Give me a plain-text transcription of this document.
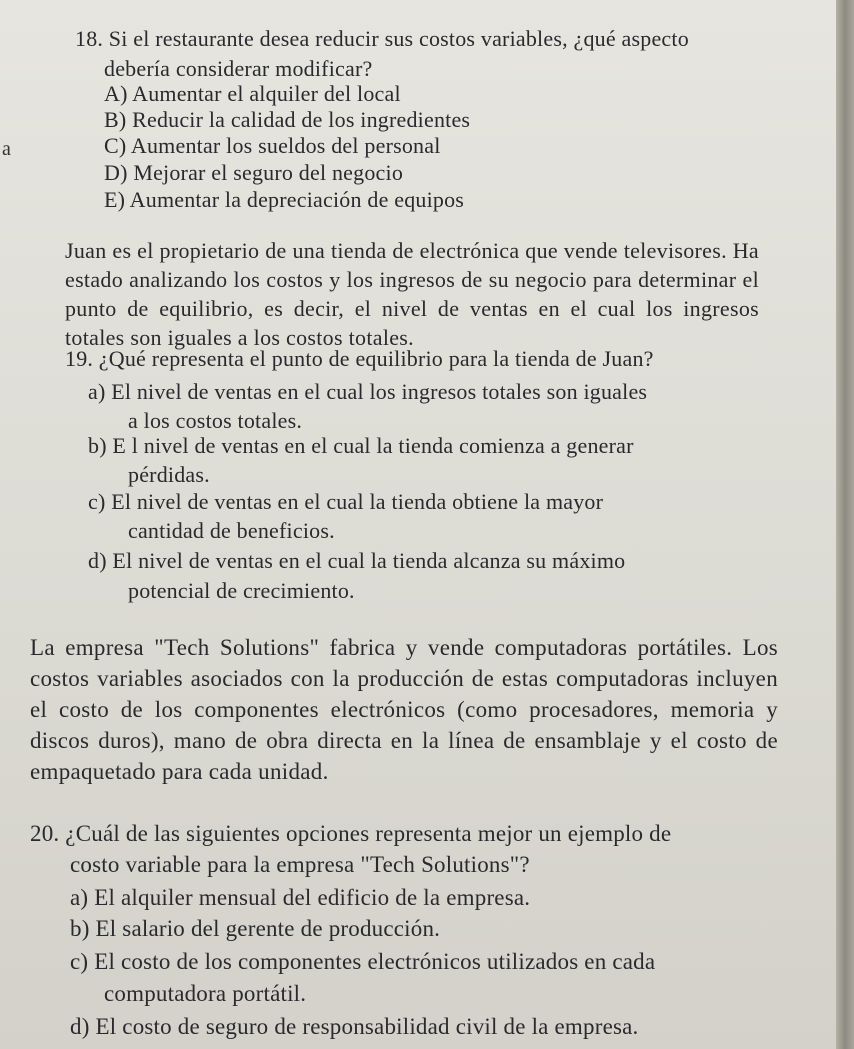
a
18. Si el restaurante desea reducir sus costos variables, ¿qué aspecto
debería considerar modificar?
A) Aumentar el alquiler del local
B) Reducir la calidad de los ingredientes
C) Aumentar los sueldos del personal
D) Mejorar el seguro del negocio
E) Aumentar la depreciación de equipos
Juan es el propietario de una tienda de electrónica que vende televisores. Ha estado analizando los costos y los ingresos de su negocio para determinar el punto de equilibrio, es decir, el nivel de ventas en el cual los ingresos totales son iguales a los costos totales.
19. ¿Qué representa el punto de equilibrio para la tienda de Juan?
a) El nivel de ventas en el cual los ingresos totales son iguales
a los costos totales.
b) E l nivel de ventas en el cual la tienda comienza a generar
pérdidas.
c) El nivel de ventas en el cual la tienda obtiene la mayor
cantidad de beneficios.
d) El nivel de ventas en el cual la tienda alcanza su máximo
potencial de crecimiento.
La empresa "Tech Solutions" fabrica y vende computadoras portátiles. Los costos variables asociados con la producción de estas computadoras incluyen el costo de los componentes electrónicos (como procesadores, memoria y discos duros), mano de obra directa en la línea de ensamblaje y el costo de empaquetado para cada unidad.
20. ¿Cuál de las siguientes opciones representa mejor un ejemplo de
costo variable para la empresa "Tech Solutions"?
a) El alquiler mensual del edificio de la empresa.
b) El salario del gerente de producción.
c) El costo de los componentes electrónicos utilizados en cada
computadora portátil.
d) El costo de seguro de responsabilidad civil de la empresa.
